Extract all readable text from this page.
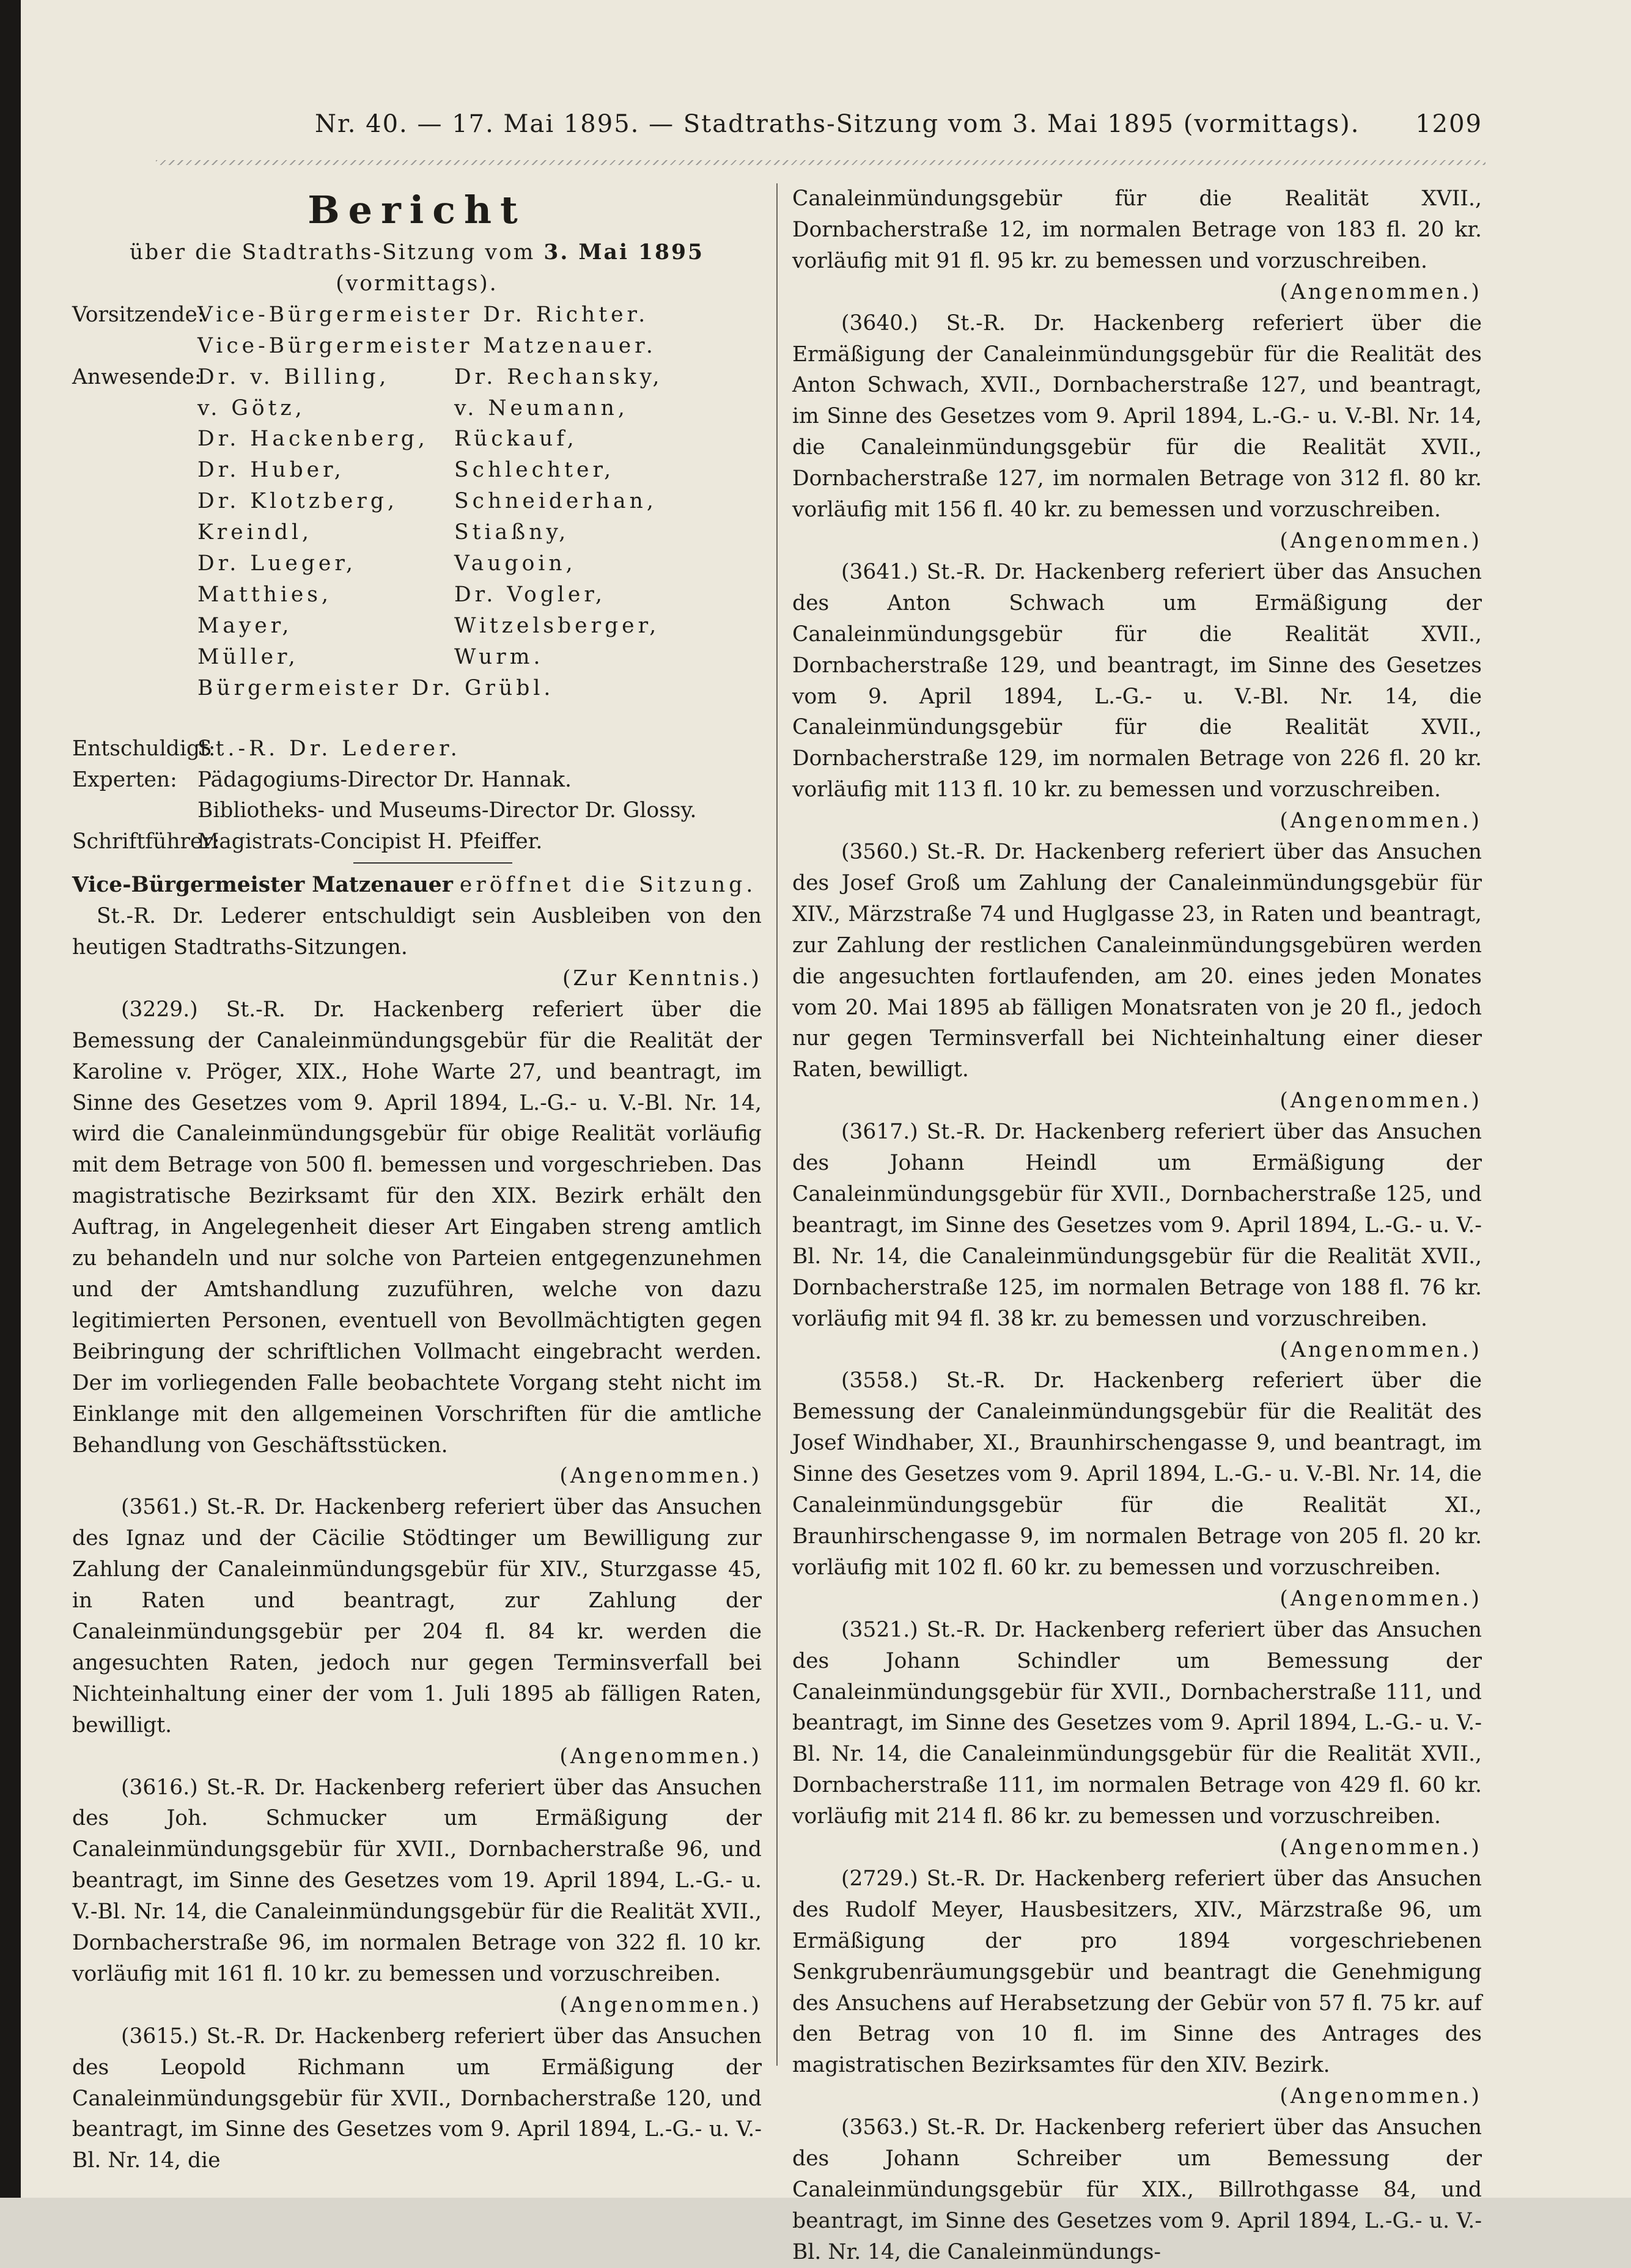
Nr. 40. — 17. Mai 1895. — Stadtraths-Sitzung vom 3. Mai 1895 (vormittags). 1209
Bericht
über die Stadtraths-Sitzung vom 3. Mai 1895
(vormittags).
Vorsitzende:
Vice-Bürgermeister Dr. Richter.
Vice-Bürgermeister Matzenauer.
Anwesende:
Dr. v. Billing,	Dr. Rechansky,
v. Götz,	v. Neumann,
Dr. Hackenberg,	Rückauf,
Dr. Huber,	Schlechter,
Dr. Klotzberg,	Schneiderhan,
Kreindl,	Stiaßny,
Dr. Lueger,	Vaugoin,
Matthies,	Dr. Vogler,
Mayer,	Witzelsberger,
Müller,	Wurm.
Bürgermeister Dr. Grübl.
Entschuldigt:
St.-R. Dr. Lederer.
Experten: Pädagogiums-Director Dr. Hannak.
Bibliotheks- und Museums-Director Dr. Glossy.
Schriftführer:
Magistrats-Concipist H. Pfeiffer.

Vice-Bürgermeister Matzenauer eröffnet die Sitzung.

St.-R. Dr. Lederer entschuldigt sein Ausbleiben von den heutigen Stadtraths-Sitzungen.

(Zur Kenntnis.)

(3229.) St.-R. Dr. Hackenberg referiert über die Bemessung der Canaleinmündungsgebür für die Realität der Karoline v. Pröger, XIX., Hohe Warte 27, und beantragt, im Sinne des Gesetzes vom 9. April 1894, L.-G.- u. V.-Bl. Nr. 14, wird die Canaleinmündungsgebür für obige Realität vorläufig mit dem Betrage von 500 fl. bemessen und vorgeschrieben. Das magistratische Bezirksamt für den XIX. Bezirk erhält den Auftrag, in Angelegenheit dieser Art Eingaben streng amtlich zu behandeln und nur solche von Parteien entgegenzunehmen und der Amtshandlung zuzuführen, welche von dazu legitimierten Personen, eventuell von Bevollmächtigten gegen Beibringung der schriftlichen Vollmacht eingebracht werden. Der im vorliegenden Falle beobachtete Vorgang steht nicht im Einklange mit den allgemeinen Vorschriften für die amtliche Behandlung von Geschäftsstücken.

(Angenommen.)

(3561.) St.-R. Dr. Hackenberg referiert über das Ansuchen des Ignaz und der Cäcilie Stödtinger um Bewilligung zur Zahlung der Canaleinmündungsgebür für XIV., Sturzgasse 45, in Raten und beantragt, zur Zahlung der Canaleinmündungsgebür per 204 fl. 84 kr. werden die angesuchten Raten, jedoch nur gegen Terminsverfall bei Nichteinhaltung einer der vom 1. Juli 1895 ab fälligen Raten, bewilligt.

(Angenommen.)

(3616.) St.-R. Dr. Hackenberg referiert über das Ansuchen des Joh. Schmucker um Ermäßigung der Canaleinmündungsgebür für XVII., Dornbacherstraße 96, und beantragt, im Sinne des Gesetzes vom 19. April 1894, L.-G.- u. V.-Bl. Nr. 14, die Canaleinmündungsgebür für die Realität XVII., Dornbacherstraße 96, im normalen Betrage von 322 fl. 10 kr. vorläufig mit 161 fl. 10 kr. zu bemessen und vorzuschreiben.

(Angenommen.)

(3615.) St.-R. Dr. Hackenberg referiert über das Ansuchen des Leopold Richmann um Ermäßigung der Canaleinmündungsgebür für XVII., Dornbacherstraße 120, und beantragt, im Sinne des Gesetzes vom 9. April 1894, L.-G.- u. V.-Bl. Nr. 14, die

Canaleinmündungsgebür für die Realität XVII., Dornbacherstraße 12, im normalen Betrage von 183 fl. 20 kr. vorläufig mit 91 fl. 95 kr. zu bemessen und vorzuschreiben.

(Angenommen.)

(3640.) St.-R. Dr. Hackenberg referiert über die Ermäßigung der Canaleinmündungsgebür für die Realität des Anton Schwach, XVII., Dornbacherstraße 127, und beantragt, im Sinne des Gesetzes vom 9. April 1894, L.-G.- u. V.-Bl. Nr. 14, die Canaleinmündungsgebür für die Realität XVII., Dornbacherstraße 127, im normalen Betrage von 312 fl. 80 kr. vorläufig mit 156 fl. 40 kr. zu bemessen und vorzuschreiben.

(Angenommen.)

(3641.) St.-R. Dr. Hackenberg referiert über das Ansuchen des Anton Schwach um Ermäßigung der Canaleinmündungsgebür für die Realität XVII., Dornbacherstraße 129, und beantragt, im Sinne des Gesetzes vom 9. April 1894, L.-G.- u. V.-Bl. Nr. 14, die Canaleinmündungsgebür für die Realität XVII., Dornbacherstraße 129, im normalen Betrage von 226 fl. 20 kr. vorläufig mit 113 fl. 10 kr. zu bemessen und vorzuschreiben.

(Angenommen.)

(3560.) St.-R. Dr. Hackenberg referiert über das Ansuchen des Josef Groß um Zahlung der Canaleinmündungsgebür für XIV., Märzstraße 74 und Huglgasse 23, in Raten und beantragt, zur Zahlung der restlichen Canaleinmündungsgebüren werden die angesuchten fortlaufenden, am 20. eines jeden Monates vom 20. Mai 1895 ab fälligen Monatsraten von je 20 fl., jedoch nur gegen Terminsverfall bei Nichteinhaltung einer dieser Raten, bewilligt.

(Angenommen.)

(3617.) St.-R. Dr. Hackenberg referiert über das Ansuchen des Johann Heindl um Ermäßigung der Canaleinmündungsgebür für XVII., Dornbacherstraße 125, und beantragt, im Sinne des Gesetzes vom 9. April 1894, L.-G.- u. V.-Bl. Nr. 14, die Canaleinmündungsgebür für die Realität XVII., Dornbacherstraße 125, im normalen Betrage von 188 fl. 76 kr. vorläufig mit 94 fl. 38 kr. zu bemessen und vorzuschreiben.

(Angenommen.)

(3558.) St.-R. Dr. Hackenberg referiert über die Bemessung der Canaleinmündungsgebür für die Realität des Josef Windhaber, XI., Braunhirschengasse 9, und beantragt, im Sinne des Gesetzes vom 9. April 1894, L.-G.- u. V.-Bl. Nr. 14, die Canaleinmündungsgebür für die Realität XI., Braunhirschengasse 9, im normalen Betrage von 205 fl. 20 kr. vorläufig mit 102 fl. 60 kr. zu bemessen und vorzuschreiben.

(Angenommen.)

(3521.) St.-R. Dr. Hackenberg referiert über das Ansuchen des Johann Schindler um Bemessung der Canaleinmündungsgebür für XVII., Dornbacherstraße 111, und beantragt, im Sinne des Gesetzes vom 9. April 1894, L.-G.- u. V.-Bl. Nr. 14, die Canaleinmündungsgebür für die Realität XVII., Dornbacherstraße 111, im normalen Betrage von 429 fl. 60 kr. vorläufig mit 214 fl. 86 kr. zu bemessen und vorzuschreiben.

(Angenommen.)

(2729.) St.-R. Dr. Hackenberg referiert über das Ansuchen des Rudolf Meyer, Hausbesitzers, XIV., Märzstraße 96, um Ermäßigung der pro 1894 vorgeschriebenen Senkgrubenräumungsgebür und beantragt die Genehmigung des Ansuchens auf Herabsetzung der Gebür von 57 fl. 75 kr. auf den Betrag von 10 fl. im Sinne des Antrages des magistratischen Bezirksamtes für den XIV. Bezirk.

(Angenommen.)

(3563.) St.-R. Dr. Hackenberg referiert über das Ansuchen des Johann Schreiber um Bemessung der Canaleinmündungsgebür für XIX., Billrothgasse 84, und beantragt, im Sinne des Gesetzes vom 9. April 1894, L.-G.- u. V.-Bl. Nr. 14, die Canaleinmündungs-
